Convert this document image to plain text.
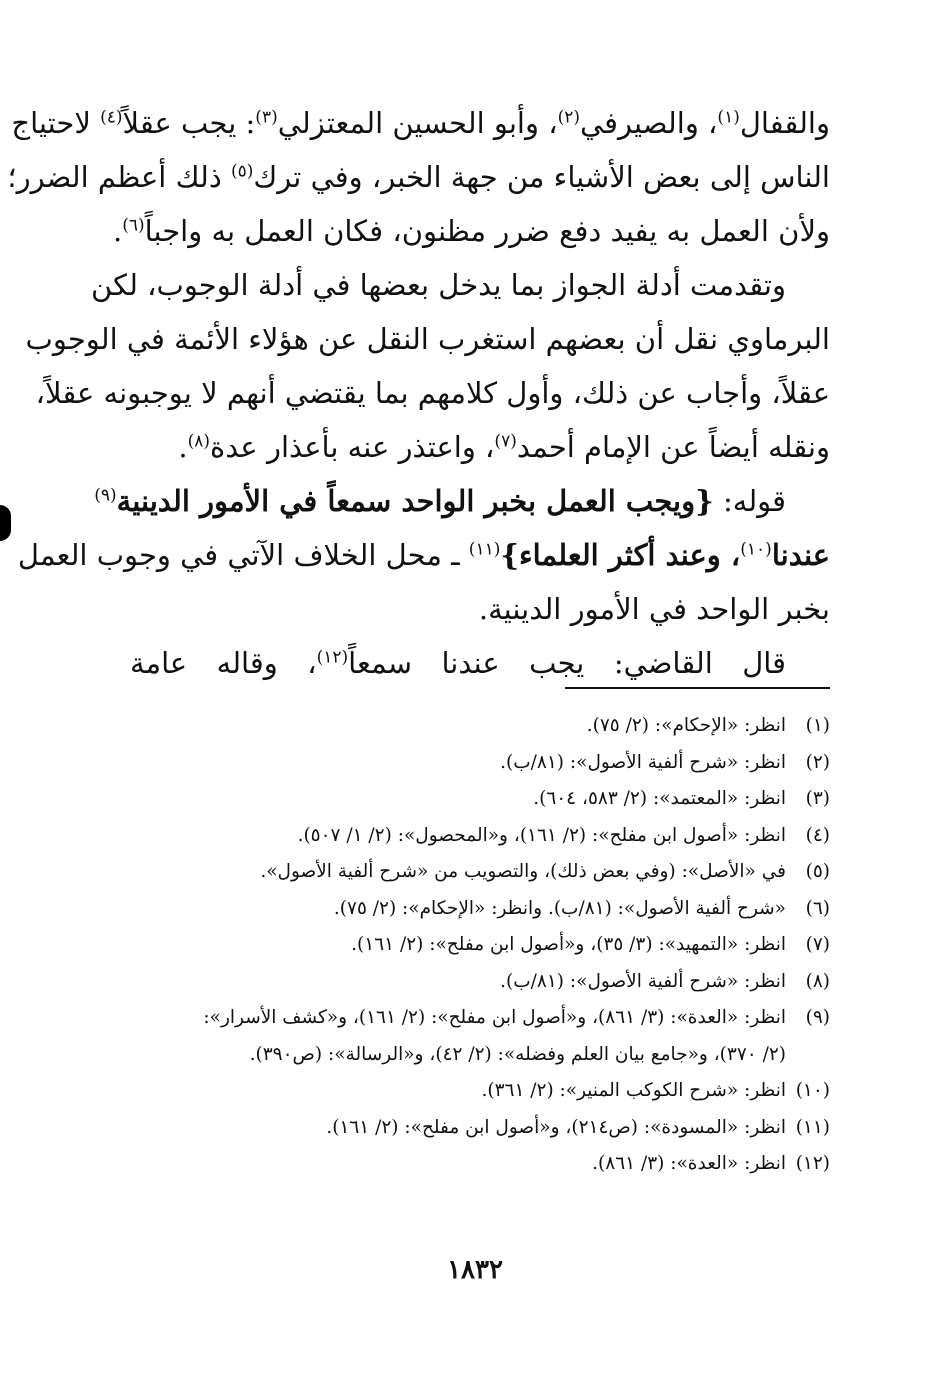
والقفال$^{(١)}$، والصيرفي$^{(٢)}$، وأبو الحسين المعتزلي$^{(٣)}$: يجب عقلاً$^{(٤)}$ لاحتياج
الناس إلى بعض الأشياء من جهة الخبر، وفي ترك$^{(٥)}$ ذلك أعظم الضرر؛
ولأن العمل به يفيد دفع ضرر مظنون، فكان العمل به واجباً$^{(٦)}$.
وتقدمت أدلة الجواز بما يدخل بعضها في أدلة الوجوب، لكن
البرماوي نقل أن بعضهم استغرب النقل عن هؤلاء الأئمة في الوجوب
عقلاً، وأجاب عن ذلك، وأول كلامهم بما يقتضي أنهم لا يوجبونه عقلاً،
ونقله أيضاً عن الإمام أحمد$^{(٧)}$، واعتذر عنه بأعذار عدة$^{(٨)}$.
قوله: {ويجب العمل بخبر الواحد سمعاً في الأمور الدينية$^{(٩)}$
عندنا$^{(١٠)}$، وعند أكثر العلماء}$^{(١١)}$ ـ محل الخلاف الآتي في وجوب العمل
بخبر الواحد في الأمور الدينية.
قال القاضي: يجب عندنا سمعاً$^{(١٢)}$، وقاله عامة
(١)انظر: «الإحكام»: (٢/ ٧٥).
(٢)انظر: «شرح ألفية الأصول»: (٨١/ب).
(٣)انظر: «المعتمد»: (٢/ ٥٨٣، ٦٠٤).
(٤)انظر: «أصول ابن مفلح»: (٢/ ١٦١)، و«المحصول»: (٢/ ١/ ٥٠٧).
(٥)في «الأصل»: (وفي بعض ذلك)، والتصويب من «شرح ألفية الأصول».
(٦)«شرح ألفية الأصول»: (٨١/ب). وانظر: «الإحكام»: (٢/ ٧٥).
(٧)انظر: «التمهيد»: (٣/ ٣٥)، و«أصول ابن مفلح»: (٢/ ١٦١).
(٨)انظر: «شرح ألفية الأصول»: (٨١/ب).
(٩)انظر: «العدة»: (٣/ ٨٦١)، و«أصول ابن مفلح»: (٢/ ١٦١)، و«كشف الأسرار»:
(٢/ ٣٧٠)، و«جامع بيان العلم وفضله»: (٢/ ٤٢)، و«الرسالة»: (ص٣٩٠).
(١٠)انظر: «شرح الكوكب المنير»: (٢/ ٣٦١).
(١١)انظر: «المسودة»: (ص٢١٤)، و«أصول ابن مفلح»: (٢/ ١٦١).
(١٢)انظر: «العدة»: (٣/ ٨٦١).
١٨٣٢
